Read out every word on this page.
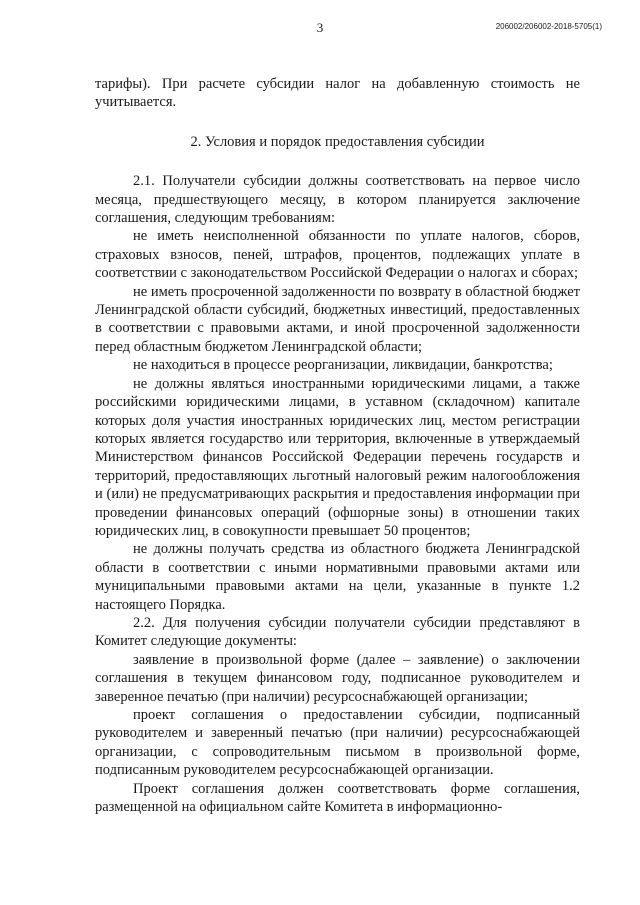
3	206002/206002-2018-5705(1)

тарифы). При расчете субсидии налог на добавленную стоимость не учитывается.

2. Условия и порядок предоставления субсидии

2.1. Получатели субсидии должны соответствовать на первое число месяца, предшествующего месяцу, в котором планируется заключение соглашения, следующим требованиям:

не иметь неисполненной обязанности по уплате налогов, сборов, страховых взносов, пеней, штрафов, процентов, подлежащих уплате в соответствии с законодательством Российской Федерации о налогах и сборах;

не иметь просроченной задолженности по возврату в областной бюджет Ленинградской области субсидий, бюджетных инвестиций, предоставленных в соответствии с правовыми актами, и иной просроченной задолженности перед областным бюджетом Ленинградской области;

не находиться в процессе реорганизации, ликвидации, банкротства;

не должны являться иностранными юридическими лицами, а также российскими юридическими лицами, в уставном (складочном) капитале которых доля участия иностранных юридических лиц, местом регистрации которых является государство или территория, включенные в утверждаемый Министерством финансов Российской Федерации перечень государств и территорий, предоставляющих льготный налоговый режим налогообложения и (или) не предусматривающих раскрытия и предоставления информации при проведении финансовых операций (офшорные зоны) в отношении таких юридических лиц, в совокупности превышает 50 процентов;

не должны получать средства из областного бюджета Ленинградской области в соответствии с иными нормативными правовыми актами или муниципальными правовыми актами на цели, указанные в пункте 1.2 настоящего Порядка.

2.2. Для получения субсидии получатели субсидии представляют в Комитет следующие документы:

заявление в произвольной форме (далее – заявление) о заключении соглашения в текущем финансовом году, подписанное руководителем и заверенное печатью (при наличии) ресурсоснабжающей организации;

проект соглашения о предоставлении субсидии, подписанный руководителем и заверенный печатью (при наличии) ресурсоснабжающей организации, с сопроводительным письмом в произвольной форме, подписанным руководителем ресурсоснабжающей организации.

Проект соглашения должен соответствовать форме соглашения, размещенной на официальном сайте Комитета в информационно-
